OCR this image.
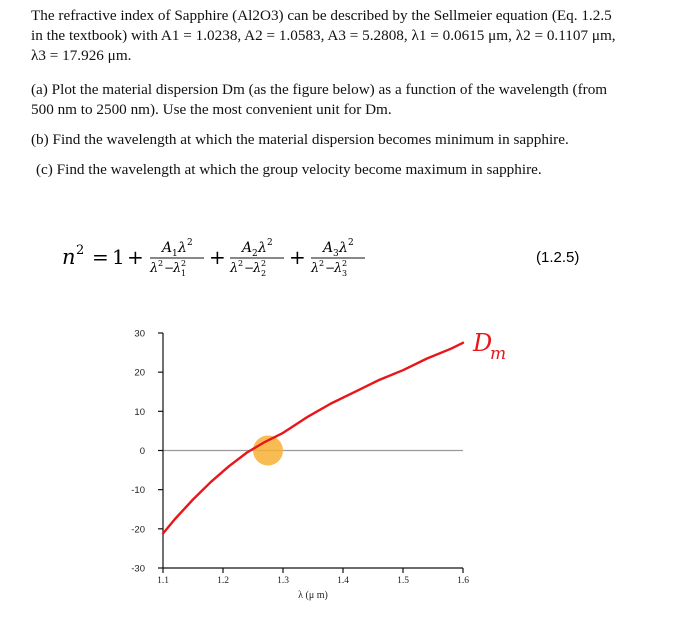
The refractive index of Sapphire (Al2O3) can be described by the Sellmeier equation (Eq. 1.2.5
in the textbook) with A1 = 1.0238, A2 = 1.0583, A3 = 5.2808, λ1 = 0.0615 μm, λ2 = 0.1107 μm,
λ3 = 17.926 μm.

(a) Plot the material dispersion Dm (as the figure below) as a function of the wavelength (from
500 nm to 2500 nm). Use the most convenient unit for Dm.

(b) Find the wavelength at which the material dispersion becomes minimum in sapphire.

(c) Find the wavelength at which the group velocity become maximum in sapphire.

n 2 = 1 + A 1 λ 2
λ 2 −
λ 2
1
+ A 2 λ 2
λ 2 −
λ 2
2
+ A 3 λ 2
λ 2 −
λ 2
3
(1.2.5)
30
20
10
0
-10
-20
-30
1.1	1.2	1.3	1.4	1.5	1.6
λ (μ m)
D
m
